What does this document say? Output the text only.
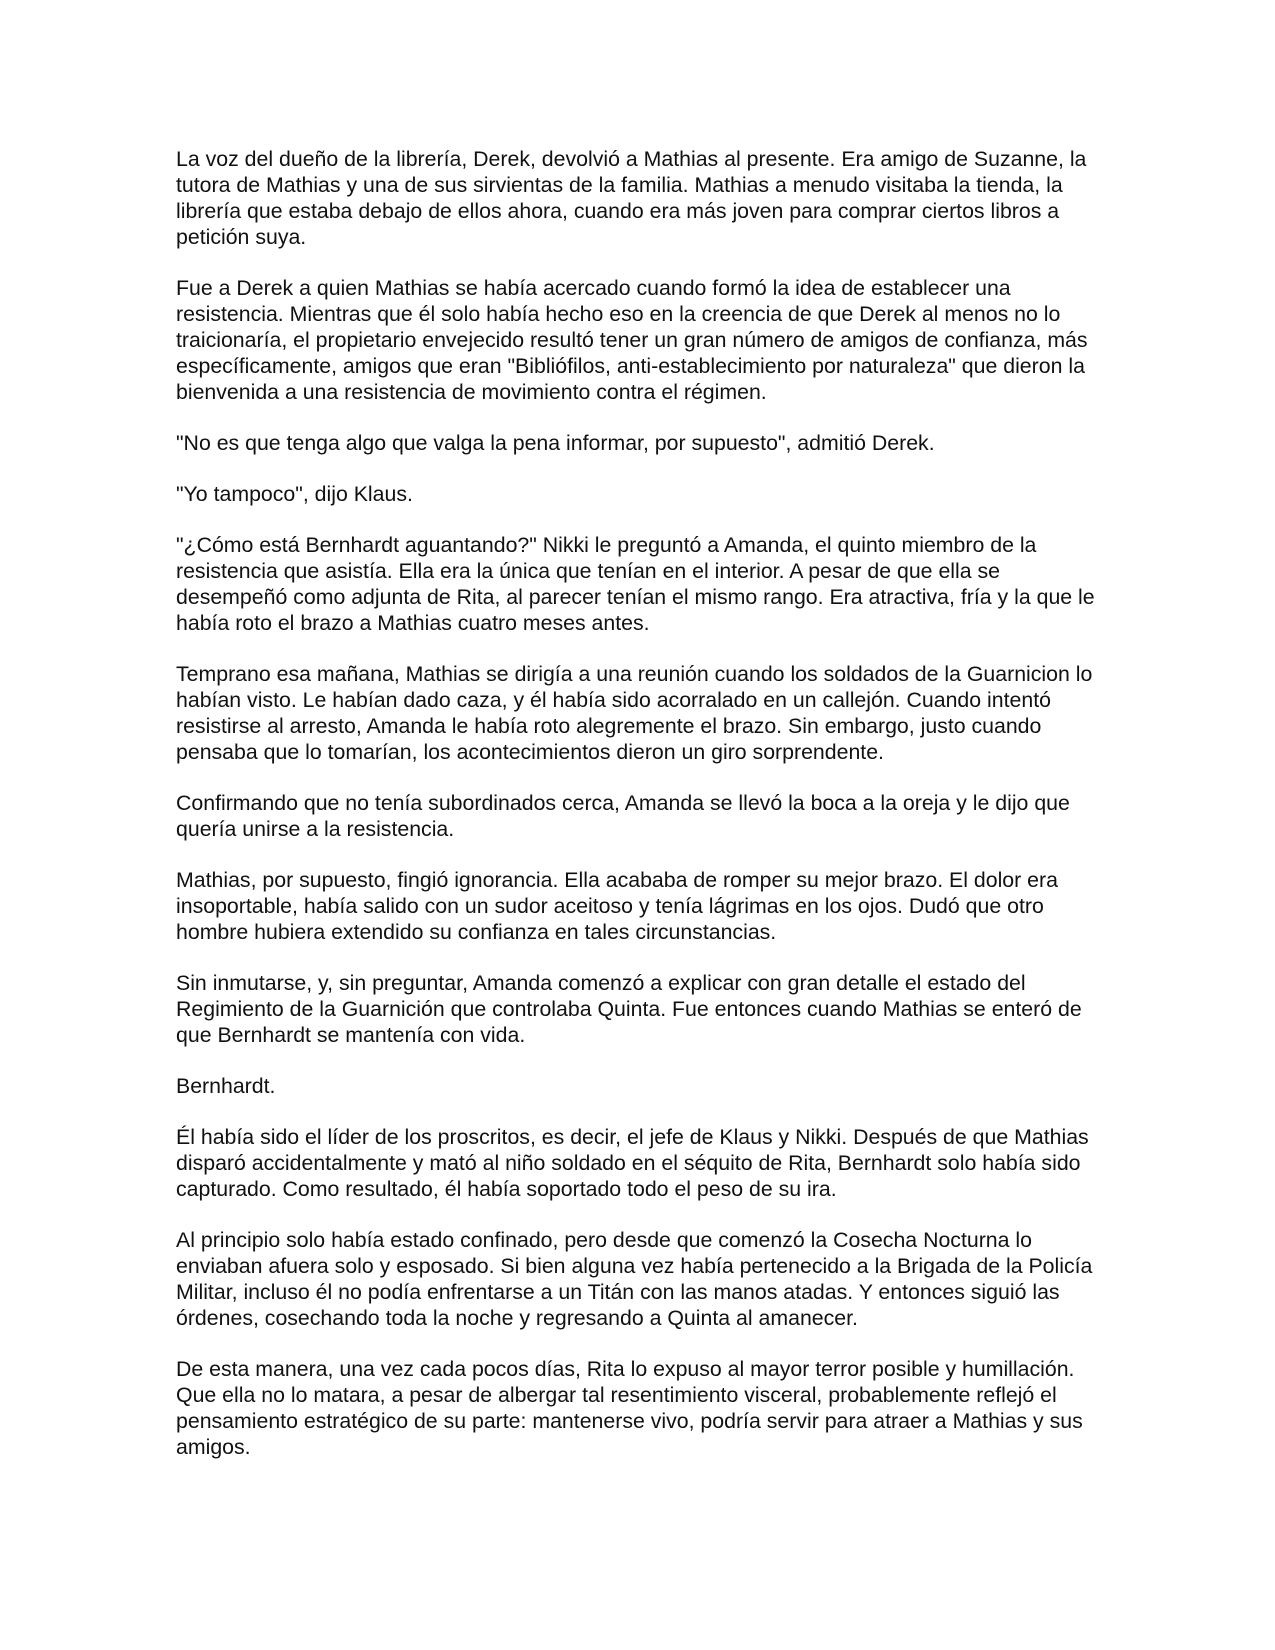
La voz del dueño de la librería, Derek, devolvió a Mathias al presente. Era amigo de Suzanne, la tutora de Mathias y una de sus sirvientas de la familia. Mathias a menudo visitaba la tienda, la librería que estaba debajo de ellos ahora, cuando era más joven para comprar ciertos libros a petición suya.

Fue a Derek a quien Mathias se había acercado cuando formó la idea de establecer una resistencia. Mientras que él solo había hecho eso en la creencia de que Derek al menos no lo traicionaría, el propietario envejecido resultó tener un gran número de amigos de confianza, más específicamente, amigos que eran "Bibliófilos, anti-establecimiento por naturaleza" que dieron la bienvenida a una resistencia de movimiento contra el régimen.

"No es que tenga algo que valga la pena informar, por supuesto", admitió Derek.

"Yo tampoco", dijo Klaus.

"¿Cómo está Bernhardt aguantando?" Nikki le preguntó a Amanda, el quinto miembro de la resistencia que asistía. Ella era la única que tenían en el interior. A pesar de que ella se desempeñó como adjunta de Rita, al parecer tenían el mismo rango. Era atractiva, fría y la que le había roto el brazo a Mathias cuatro meses antes.

Temprano esa mañana, Mathias se dirigía a una reunión cuando los soldados de la Guarnicion lo habían visto. Le habían dado caza, y él había sido acorralado en un callejón. Cuando intentó resistirse al arresto, Amanda le había roto alegremente el brazo. Sin embargo, justo cuando pensaba que lo tomarían, los acontecimientos dieron un giro sorprendente.

Confirmando que no tenía subordinados cerca, Amanda se llevó la boca a la oreja y le dijo que quería unirse a la resistencia.

Mathias, por supuesto, fingió ignorancia. Ella acababa de romper su mejor brazo. El dolor era insoportable, había salido con un sudor aceitoso y tenía lágrimas en los ojos. Dudó que otro hombre hubiera extendido su confianza en tales circunstancias.

Sin inmutarse, y, sin preguntar, Amanda comenzó a explicar con gran detalle el estado del Regimiento de la Guarnición que controlaba Quinta. Fue entonces cuando Mathias se enteró de que Bernhardt se mantenía con vida.

Bernhardt.

Él había sido el líder de los proscritos, es decir, el jefe de Klaus y Nikki. Después de que Mathias disparó accidentalmente y mató al niño soldado en el séquito de Rita, Bernhardt solo había sido capturado. Como resultado, él había soportado todo el peso de su ira.

Al principio solo había estado confinado, pero desde que comenzó la Cosecha Nocturna lo enviaban afuera solo y esposado. Si bien alguna vez había pertenecido a la Brigada de la Policía Militar, incluso él no podía enfrentarse a un Titán con las manos atadas. Y entonces siguió las órdenes, cosechando toda la noche y regresando a Quinta al amanecer.

De esta manera, una vez cada pocos días, Rita lo expuso al mayor terror posible y humillación. Que ella no lo matara, a pesar de albergar tal resentimiento visceral, probablemente reflejó el pensamiento estratégico de su parte: mantenerse vivo, podría servir para atraer a Mathias y sus amigos.
